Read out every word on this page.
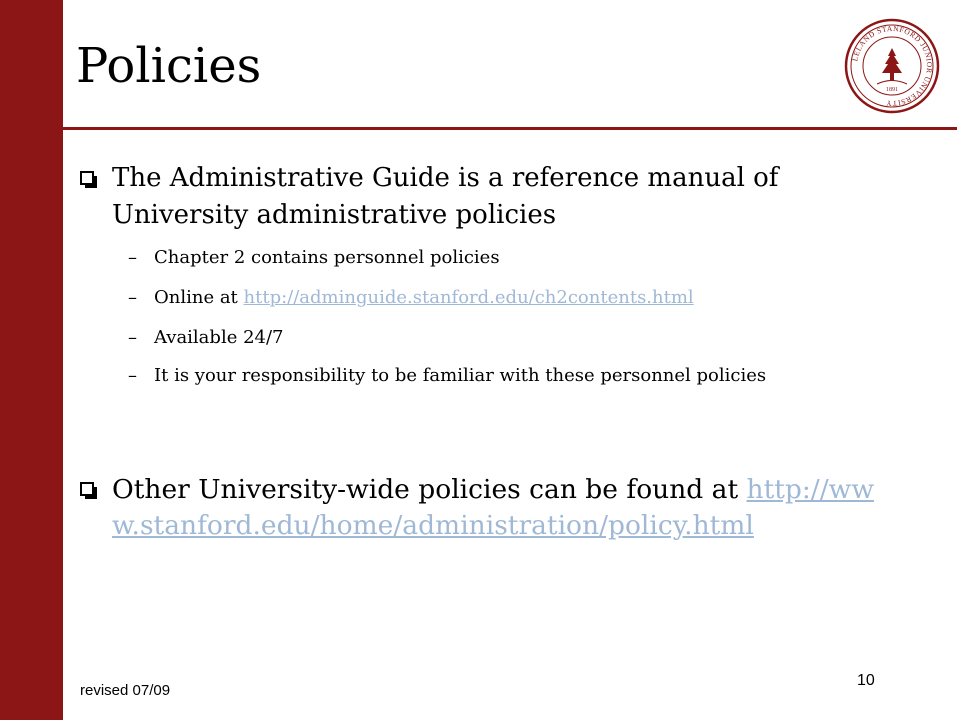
Policies	LELAND STANFORD JUNIOR UNIVERSITY
1891
The Administrative Guide is a reference manual of University administrative policies
– Chapter 2 contains personnel policies
– Online at http://adminguide.stanford.edu/ch2contents.html
– Available 24/7
– It is your responsibility to be familiar with these personnel policies
Other University-wide policies can be found at http://www.stanford.edu/home/administration/policy.html
revised 07/09
10
